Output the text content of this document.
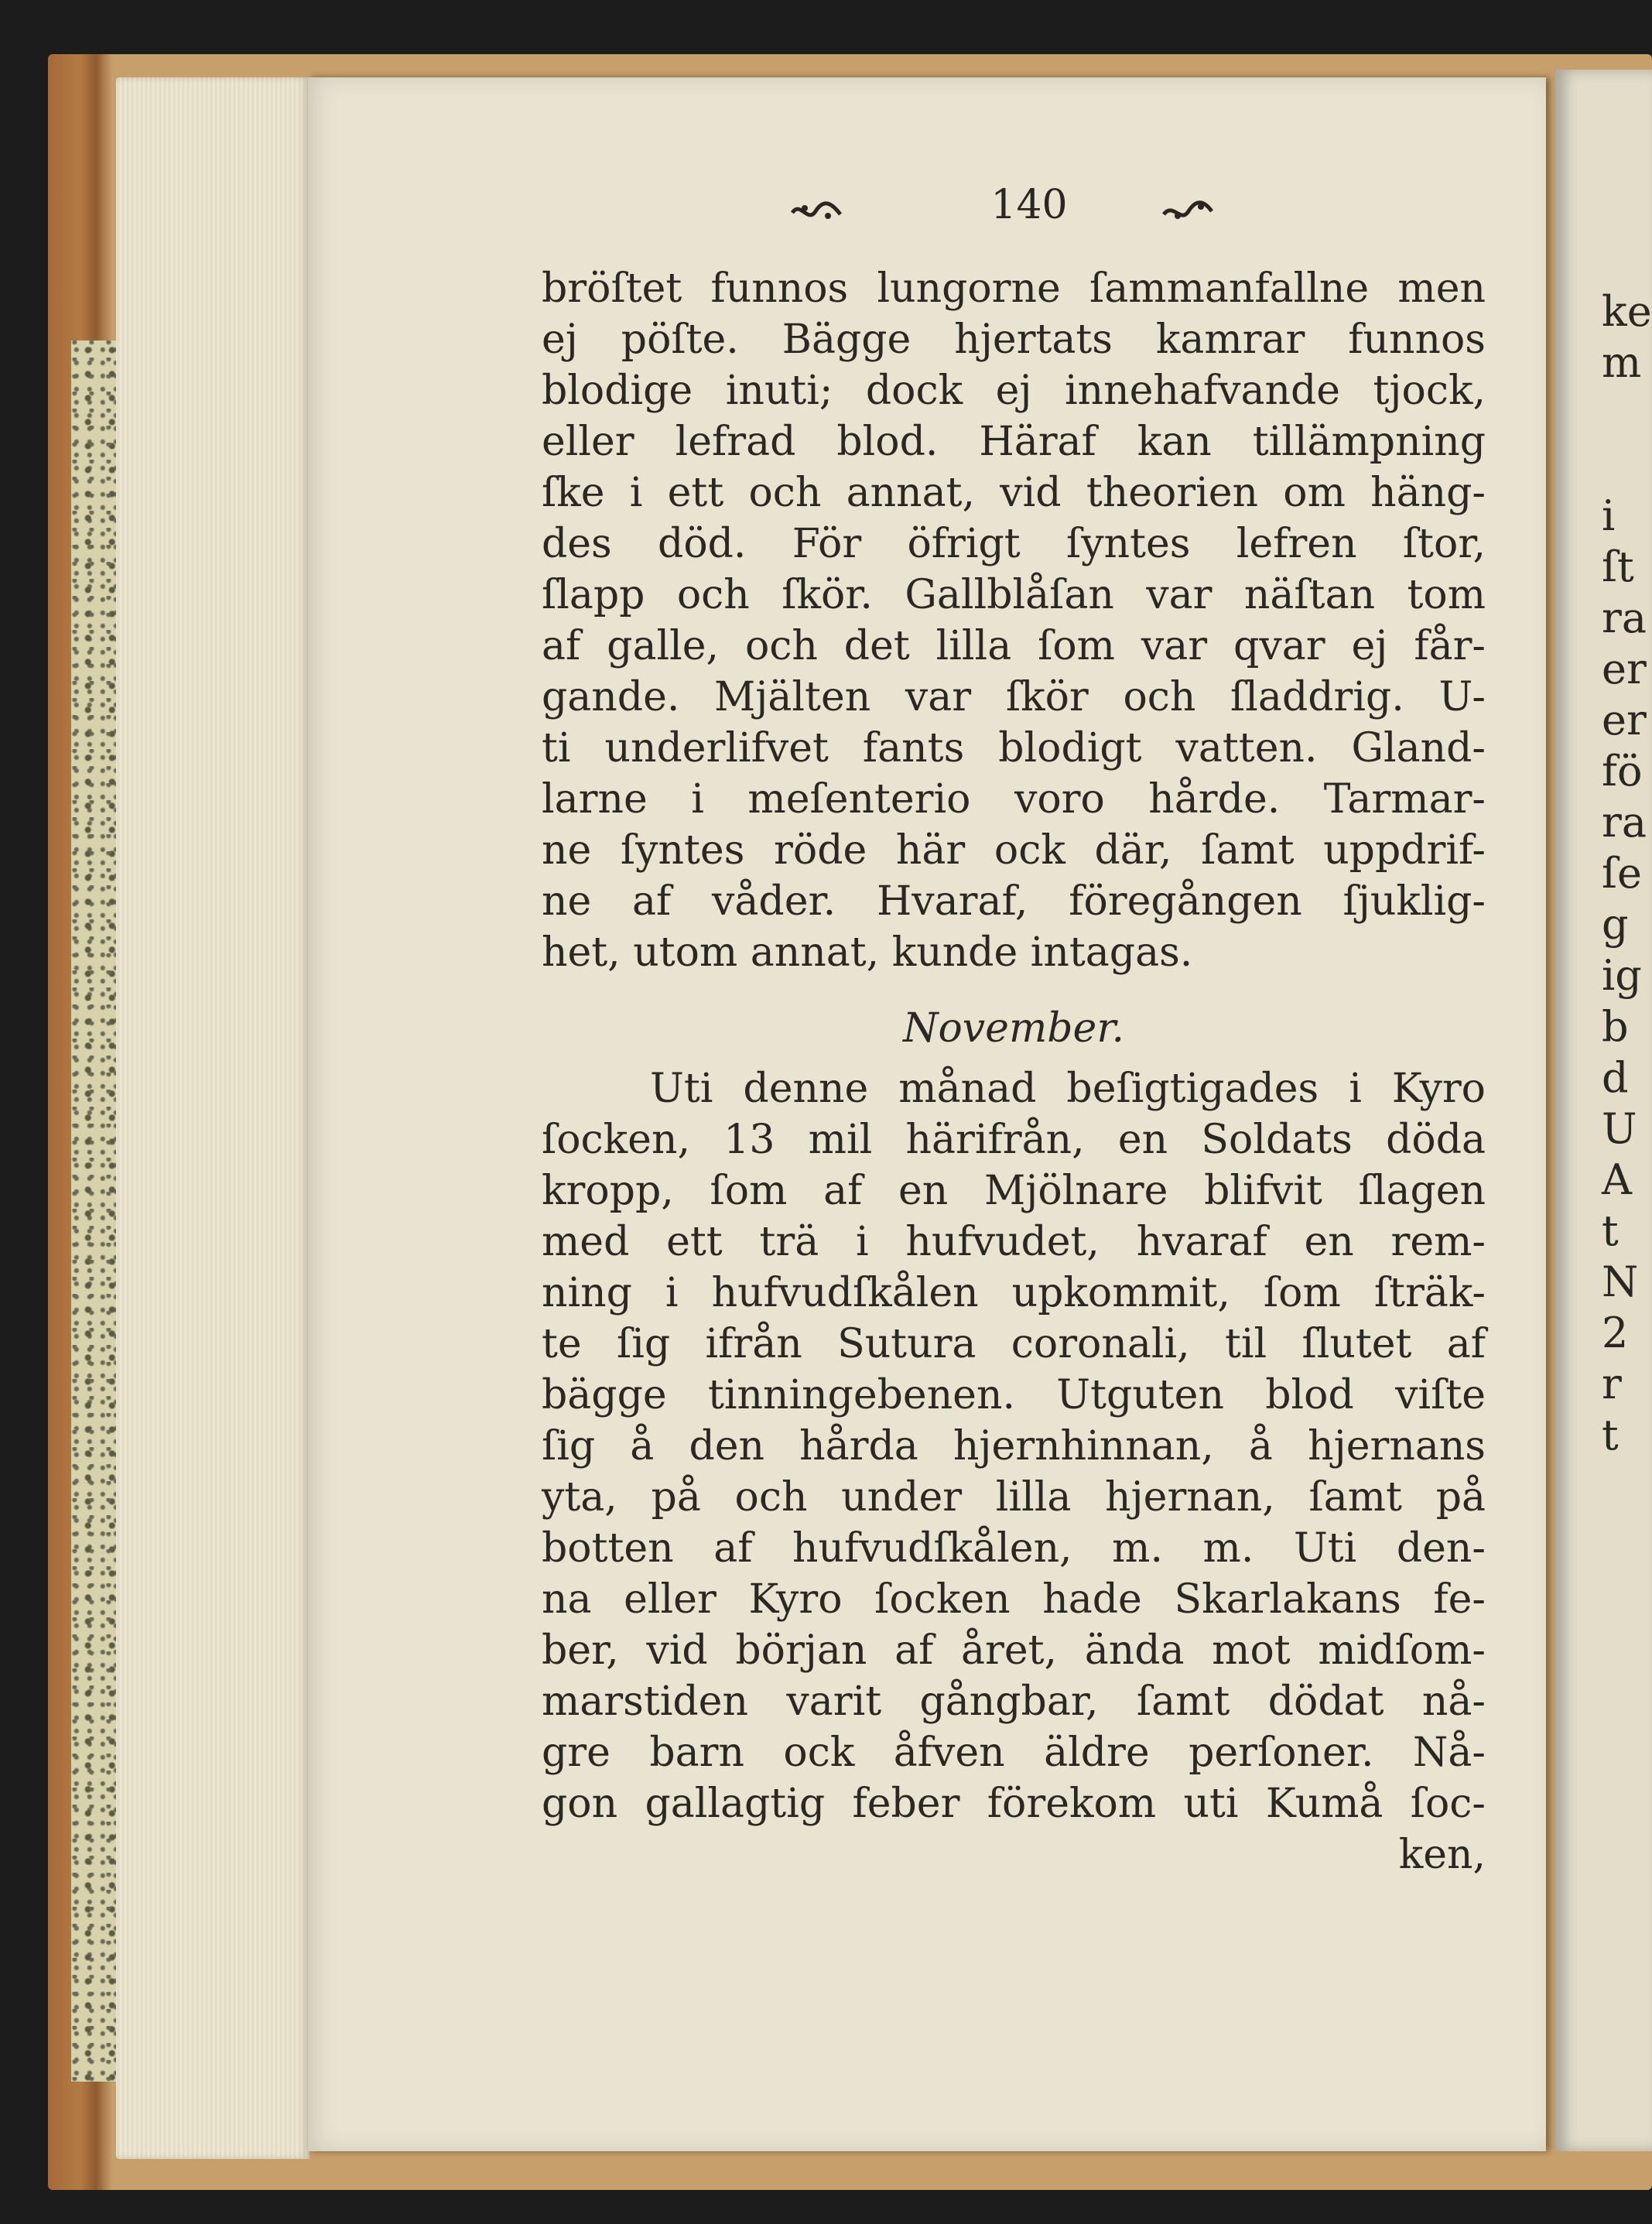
140
bröſtet funnos lungorne ſammanfallne men
ej pöſte. Bägge hjertats kamrar funnos
blodige inuti; dock ej innehafvande tjock,
eller lefrad blod. Häraf kan tillämpning
ſke i ett och annat, vid theorien om häng-
des död. För öfrigt ſyntes lefren ſtor,
ſlapp och ſkör. Gallblåſan var näſtan tom
af galle, och det lilla ſom var qvar ej får-
gande. Mjälten var ſkör och ſladdrig. U-
ti underlifvet fants blodigt vatten. Gland-
larne i meſenterio voro hårde. Tarmar-
ne ſyntes röde här ock där, ſamt uppdrif-
ne af våder. Hvaraf, föregången ſjuklig-
het, utom annat, kunde intagas.
November.
Uti denne månad beſigtigades i Kyro
ſocken, 13 mil härifrån, en Soldats döda
kropp, ſom af en Mjölnare blifvit ſlagen
med ett trä i hufvudet, hvaraf en rem-
ning i hufvudſkålen upkommit, ſom ſträk-
te ſig ifrån Sutura coronali, til ſlutet af
bägge tinningebenen. Utguten blod viſte
ſig å den hårda hjernhinnan, å hjernans
yta, på och under lilla hjernan, ſamt på
botten af hufvudſkålen, m. m. Uti den-
na eller Kyro ſocken hade Skarlakans fe-
ber, vid början af året, ända mot midſom-
marstiden varit gångbar, ſamt dödat nå-
gre barn ock åfven äldre perſoner. Nå-
gon gallagtig feber förekom uti Kumå ſoc-
ken,
ke
m
i
ſt
ra
er
er
fö
ra
ſe
g
ig
b
d
U
A
t
N
2
r
t
